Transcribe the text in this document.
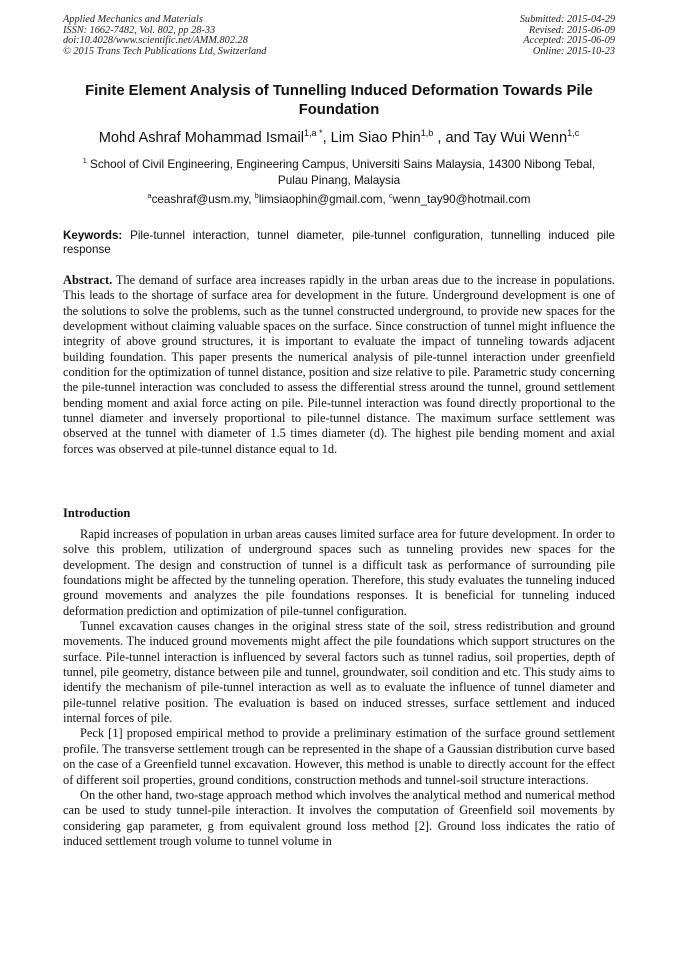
Applied Mechanics and Materials
ISSN: 1662-7482, Vol. 802, pp 28-33
doi:10.4028/www.scientific.net/AMM.802.28
© 2015 Trans Tech Publications Ltd, Switzerland
Submitted: 2015-04-29
Revised: 2015-06-09
Accepted: 2015-06-09
Online: 2015-10-23
Finite Element Analysis of Tunnelling Induced Deformation Towards Pile Foundation
Mohd Ashraf Mohammad Ismail$^{1,a *}$, Lim Siao Phin$^{1,b}$ , and Tay Wui Wenn$^{1,c}$
$^1$ School of Civil Engineering, Engineering Campus, Universiti Sains Malaysia, 14300 Nibong Tebal, Pulau Pinang, Malaysia
$^a$ceashraf@usm.my, $^b$limsiaophin@gmail.com, $^c$wenn_tay90@hotmail.com
Keywords: Pile-tunnel interaction, tunnel diameter, pile-tunnel configuration, tunnelling induced pile response
Abstract. The demand of surface area increases rapidly in the urban areas due to the increase in populations. This leads to the shortage of surface area for development in the future. Underground development is one of the solutions to solve the problems, such as the tunnel constructed underground, to provide new spaces for the development without claiming valuable spaces on the surface. Since construction of tunnel might influence the integrity of above ground structures, it is important to evaluate the impact of tunneling towards adjacent building foundation. This paper presents the numerical analysis of pile-tunnel interaction under greenfield condition for the optimization of tunnel distance, position and size relative to pile. Parametric study concerning the pile-tunnel interaction was concluded to assess the differential stress around the tunnel, ground settlement bending moment and axial force acting on pile. Pile-tunnel interaction was found directly proportional to the tunnel diameter and inversely proportional to pile-tunnel distance. The maximum surface settlement was observed at the tunnel with diameter of 1.5 times diameter (d). The highest pile bending moment and axial forces was observed at pile-tunnel distance equal to 1d.
Introduction

Rapid increases of population in urban areas causes limited surface area for future development. In order to solve this problem, utilization of underground spaces such as tunneling provides new spaces for the development. The design and construction of tunnel is a difficult task as performance of surrounding pile foundations might be affected by the tunneling operation. Therefore, this study evaluates the tunneling induced ground movements and analyzes the pile foundations responses. It is beneficial for tunneling induced deformation prediction and optimization of pile-tunnel configuration.

Tunnel excavation causes changes in the original stress state of the soil, stress redistribution and ground movements. The induced ground movements might affect the pile foundations which support structures on the surface. Pile-tunnel interaction is influenced by several factors such as tunnel radius, soil properties, depth of tunnel, pile geometry, distance between pile and tunnel, groundwater, soil condition and etc. This study aims to identify the mechanism of pile-tunnel interaction as well as to evaluate the influence of tunnel diameter and pile-tunnel relative position. The evaluation is based on induced stresses, surface settlement and induced internal forces of pile.

Peck [1] proposed empirical method to provide a preliminary estimation of the surface ground settlement profile. The transverse settlement trough can be represented in the shape of a Gaussian distribution curve based on the case of a Greenfield tunnel excavation. However, this method is unable to directly account for the effect of different soil properties, ground conditions, construction methods and tunnel-soil structure interactions.

On the other hand, two-stage approach method which involves the analytical method and numerical method can be used to study tunnel-pile interaction. It involves the computation of Greenfield soil movements by considering gap parameter, g from equivalent ground loss method [2]. Ground loss indicates the ratio of induced settlement trough volume to tunnel volume in
